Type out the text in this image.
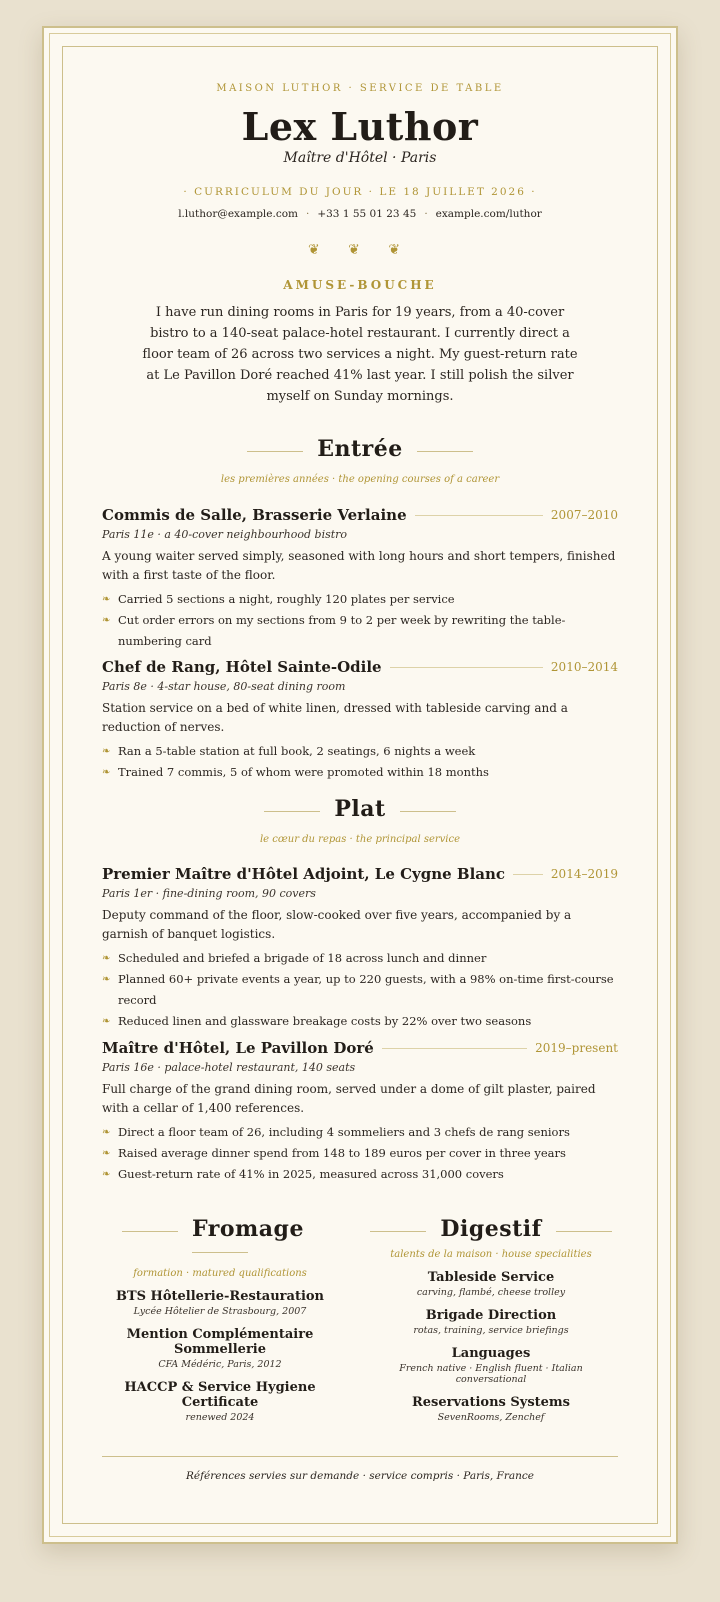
MAISON LUTHOR · SERVICE DE TABLE
Lex Luthor
Maître d'Hôtel · Paris
· CURRICULUM DU JOUR · LE 18 JUILLET 2026 ·
l.luthor@example.com · +33 1 55 01 23 45 · example.com/luthor
❦ ❦ ❦
AMUSE-BOUCHE
I have run dining rooms in Paris for 19 years, from a 40-cover bistro to a 140-seat palace-hotel restaurant. I currently direct a floor team of 26 across two services a night. My guest-return rate at Le Pavillon Doré reached 41% last year. I still polish the silver myself on Sunday mornings.
Entrée
les premières années · the opening courses of a career
Commis de Salle, Brasserie Verlaine	2007–2010
Paris 11e · a 40-cover neighbourhood bistro
A young waiter served simply, seasoned with long hours and short tempers, finished with a first taste of the floor.
❧ Carried 5 sections a night, roughly 120 plates per service
❧ Cut order errors on my sections from 9 to 2 per week by rewriting the table-numbering card
Chef de Rang, Hôtel Sainte-Odile	2010–2014
Paris 8e · 4-star house, 80-seat dining room
Station service on a bed of white linen, dressed with tableside carving and a reduction of nerves.
❧ Ran a 5-table station at full book, 2 seatings, 6 nights a week
❧ Trained 7 commis, 5 of whom were promoted within 18 months
Plat
le cœur du repas · the principal service
Premier Maître d'Hôtel Adjoint, Le Cygne Blanc	2014–2019
Paris 1er · fine-dining room, 90 covers
Deputy command of the floor, slow-cooked over five years, accompanied by a garnish of banquet logistics.
❧ Scheduled and briefed a brigade of 18 across lunch and dinner
❧ Planned 60+ private events a year, up to 220 guests, with a 98% on-time first-course record
❧ Reduced linen and glassware breakage costs by 22% over two seasons
Maître d'Hôtel, Le Pavillon Doré	2019–present
Paris 16e · palace-hotel restaurant, 140 seats
Full charge of the grand dining room, served under a dome of gilt plaster, paired with a cellar of 1,400 references.
❧ Direct a floor team of 26, including 4 sommeliers and 3 chefs de rang seniors
❧ Raised average dinner spend from 148 to 189 euros per cover in three years
❧ Guest-return rate of 41% in 2025, measured across 31,000 covers
Fromage
formation · matured qualifications
BTS Hôtellerie-Restauration
Lycée Hôtelier de Strasbourg, 2007
Mention Complémentaire Sommellerie
CFA Médéric, Paris, 2012
HACCP & Service Hygiene Certificate
renewed 2024
Digestif
talents de la maison · house specialities
Tableside Service
carving, flambé, cheese trolley
Brigade Direction
rotas, training, service briefings
Languages
French native · English fluent · Italian conversational
Reservations Systems
SevenRooms, Zenchef
Références servies sur demande · service compris · Paris, France
